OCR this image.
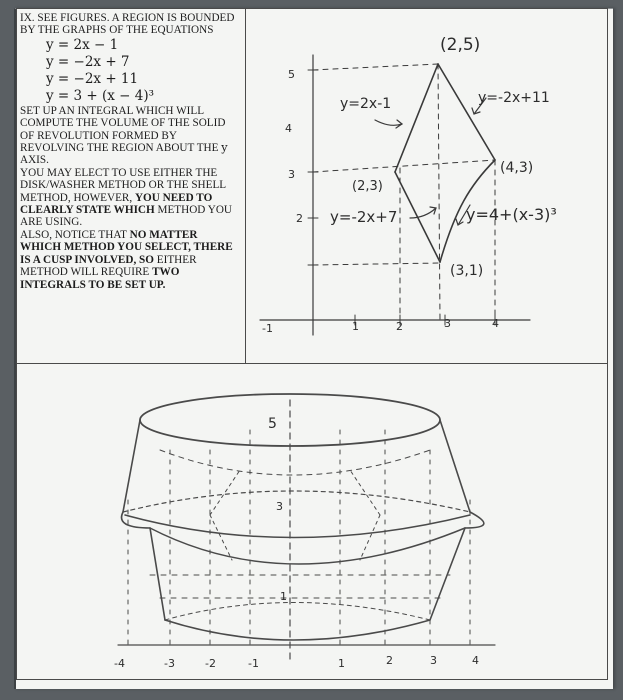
IX. SEE FIGURES. A REGION IS BOUNDED BY THE GRAPHS OF THE EQUATIONS

y = 2x − 1

y = −2x + 7

y = −2x + 11

y = 3 + (x − 4)³

SET UP AN INTEGRAL WHICH WILL COMPUTE THE VOLUME OF THE SOLID OF REVOLUTION FORMED BY REVOLVING THE REGION ABOUT THE y AXIS.

YOU MAY ELECT TO USE EITHER THE DISK/WASHER METHOD OR THE SHELL METHOD, HOWEVER, YOU NEED TO CLEARLY STATE WHICH METHOD YOU ARE USING.

ALSO, NOTICE THAT NO MATTER WHICH METHOD YOU SELECT, THERE IS A CUSP INVOLVED, SO EITHER METHOD WILL REQUIRE TWO INTEGRALS TO BE SET UP.

(2,5)
(2,3)
(4,3)
(3,1)
y=2x-1	y=-2x+11
y=-2x+7	y=4+(x-3)³
5
4
3
2
-1	1	2	3	4
-4	-3	-2	-1	1	2	3	4
5
3
1
